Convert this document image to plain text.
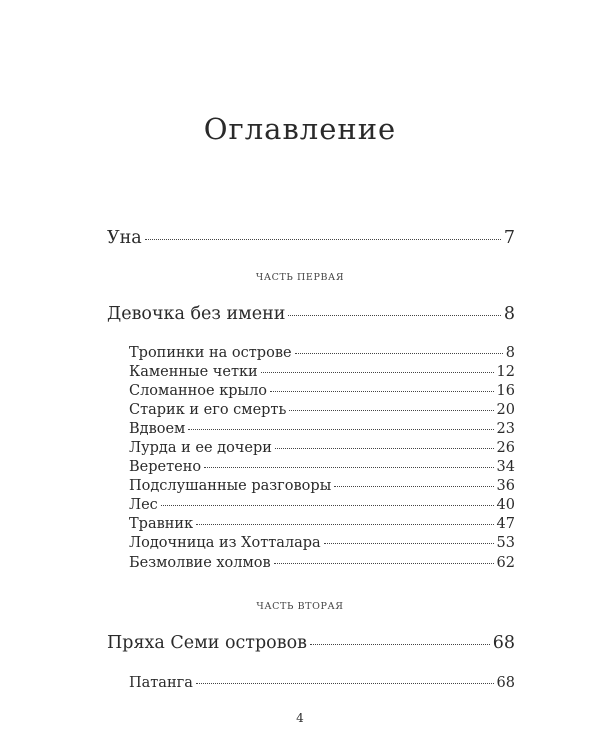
Оглавление
Уна	7
ЧАСТЬ ПЕРВАЯ
Девочка без имени	8
Тропинки на острове	8
Каменные четки	12
Сломанное крыло	16
Старик и его смерть	20
Вдвоем	23
Лурда и ее дочери	26
Веретено	34
Подслушанные разговоры	36
Лес	40
Травник	47
Лодочница из Хотталара	53
Безмолвие холмов	62
ЧАСТЬ ВТОРАЯ
Пряха Семи островов	68
Патанга	68
4
